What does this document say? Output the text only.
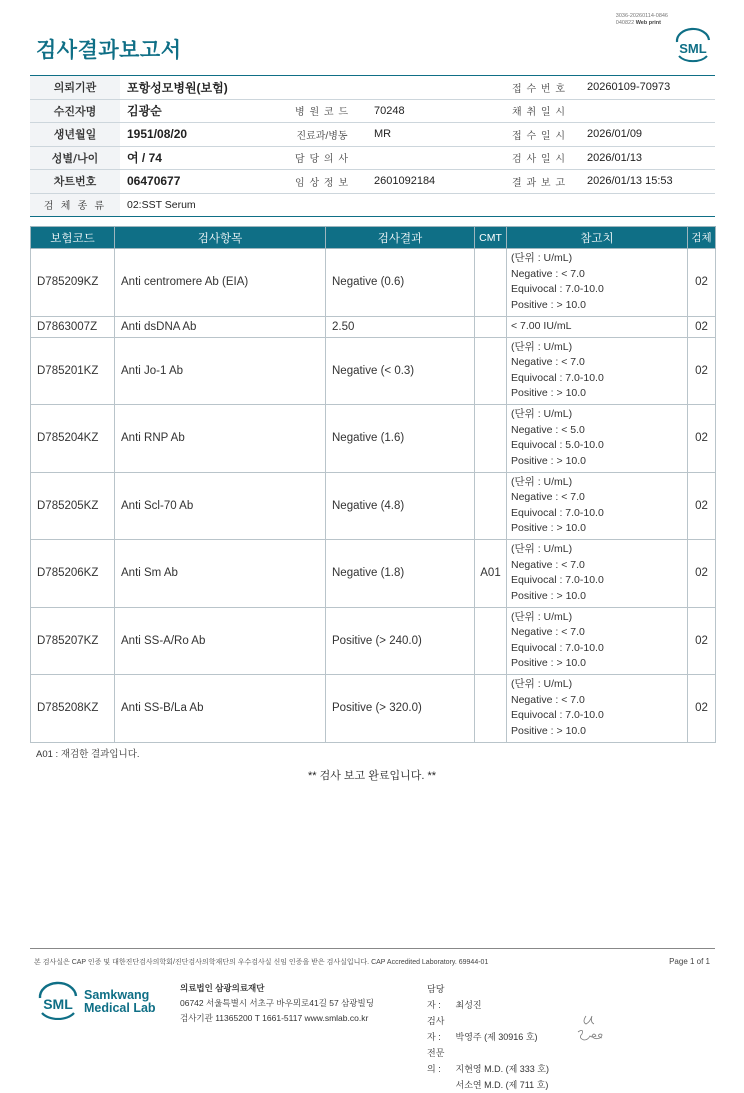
3036-20260114-0846
040822 Web print
검사결과보고서	SML
의뢰기관	포항성모병원(보험)	접 수 번 호	20260109-70973
수진자명	김광순	병 원 코 드	70248	채 취 일 시
생년월일	1951/08/20	진료과/병동	MR	접 수 일 시	2026/01/09
성별/나이	여 / 74	담 당 의 사	검 사 일 시	2026/01/13
차트번호	06470677	임 상 정 보	2601092184	결 과 보 고	2026/01/13 15:53
검 체 종 류	02:SST Serum
보험코드	검사항목	검사결과	CMT	참고치	검체
D785209KZ	Anti centromere Ab (EIA)	Negative (0.6)		(단위 : U/mL)
Negative : < 7.0
Equivocal : 7.0-10.0
Positive : > 10.0	02
D7863007Z	Anti dsDNA Ab	2.50		< 7.00 IU/mL	02
D785201KZ	Anti Jo-1 Ab	Negative (< 0.3)		(단위 : U/mL)
Negative : < 7.0
Equivocal : 7.0-10.0
Positive : > 10.0	02
D785204KZ	Anti RNP Ab	Negative (1.6)		(단위 : U/mL)
Negative : < 5.0
Equivocal : 5.0-10.0
Positive : > 10.0	02
D785205KZ	Anti Scl-70 Ab	Negative (4.8)		(단위 : U/mL)
Negative : < 7.0
Equivocal : 7.0-10.0
Positive : > 10.0	02
D785206KZ	Anti Sm Ab	Negative (1.8)	A01	(단위 : U/mL)
Negative : < 7.0
Equivocal : 7.0-10.0
Positive : > 10.0	02
D785207KZ	Anti SS-A/Ro Ab	Positive (> 240.0)		(단위 : U/mL)
Negative : < 7.0
Equivocal : 7.0-10.0
Positive : > 10.0	02
D785208KZ	Anti SS-B/La Ab	Positive (> 320.0)		(단위 : U/mL)
Negative : < 7.0
Equivocal : 7.0-10.0
Positive : > 10.0	02
A01 : 재검한 결과입니다.
** 검사 보고 완료입니다. **
본 검사실은 CAP 인증 및 대한진단검사의학회/진단검사의학재단의 우수검사실 신임 인증을 받은 검사실입니다. CAP Accredited Laboratory. 69944-01	Page 1 of 1
SML
Samkwang
Medical Lab
의료법인 삼광의료재단
06742 서울특별시 서초구 바우뫼로41길 57 삼광빌딩
검사기관 11365200 T 1661-5117 www.smlab.co.kr
담당자 : 최성진
검사자 : 박영주 (제 30916 호)
전문의 : 지현영 M.D. (제 333 호)
서소연 M.D. (제 711 호)
